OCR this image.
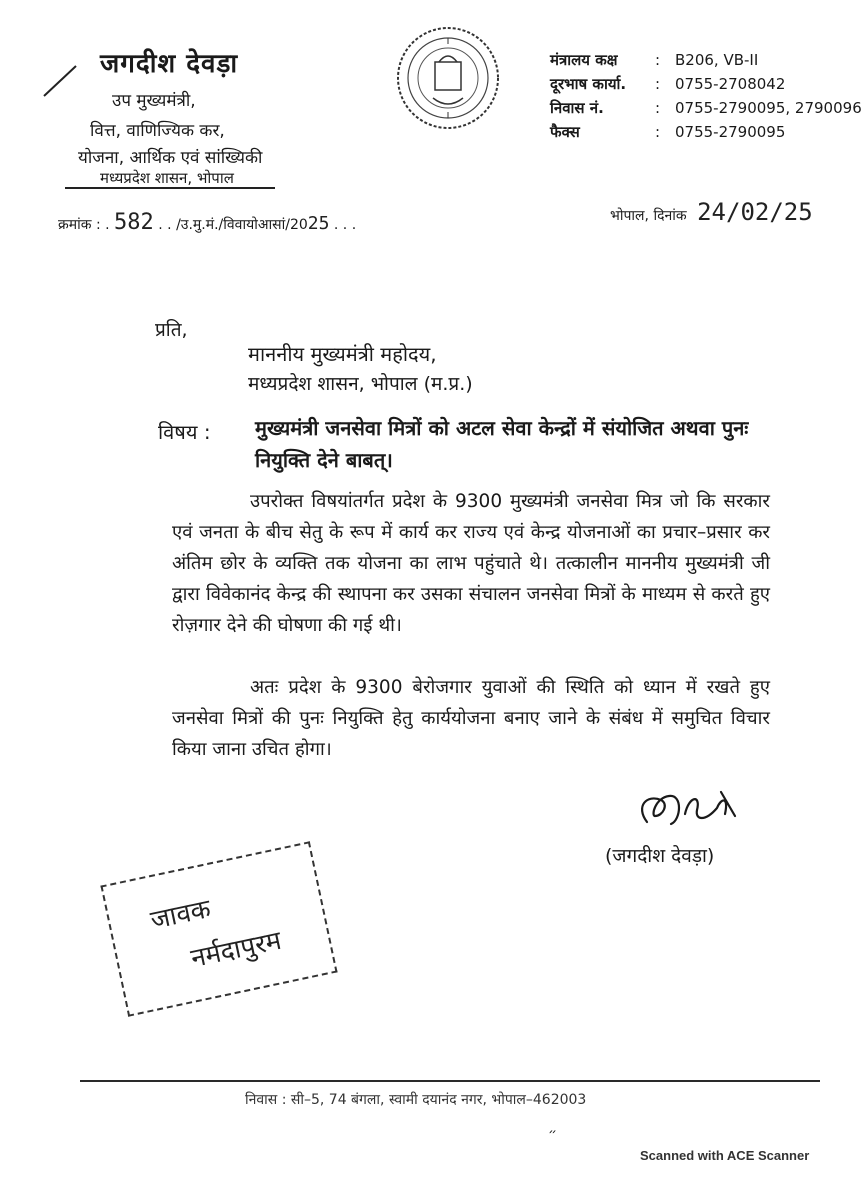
जगदीश देवड़ा
उप मुख्यमंत्री,
वित्त, वाणिज्यिक कर,
योजना, आर्थिक एवं सांख्यिकी
मध्यप्रदेश शासन, भोपाल
मंत्रालय कक्ष : B206, VB-II
दूरभाष कार्या. : 0755-2708042
निवास नं.	: 0755-2790095, 2790096
फैक्स	: 0755-2790095
क्रमांक : . 582 . . /उ.मु.मं./विवायोआसां/2025 . . .
भोपाल, दिनांक 24/02/25
प्रति,
माननीय मुख्यमंत्री महोदय,
मध्यप्रदेश शासन, भोपाल (म.प्र.)
विषय : मुख्यमंत्री जनसेवा मित्रों को अटल सेवा केन्द्रों में संयोजित अथवा पुनः नियुक्ति देने बाबत्।
उपरोक्त विषयांतर्गत प्रदेश के 9300 मुख्यमंत्री जनसेवा मित्र जो कि सरकार एवं जनता के बीच सेतु के रूप में कार्य कर राज्य एवं केन्द्र योजनाओं का प्रचार–प्रसार कर अंतिम छोर के व्यक्ति तक योजना का लाभ पहुंचाते थे। तत्कालीन माननीय मुख्यमंत्री जी द्वारा विवेकानंद केन्द्र की स्थापना कर उसका संचालन जनसेवा मित्रों के माध्यम से करते हुए रोज़गार देने की घोषणा की गई थी।
अतः प्रदेश के 9300 बेरोजगार युवाओं की स्थिति को ध्यान में रखते हुए जनसेवा मित्रों की पुनः नियुक्ति हेतु कार्ययोजना बनाए जाने के संबंध में समुचित विचार किया जाना उचित होगा।
(जगदीश देवड़ा)
जावक
नर्मदापुरम
निवास : सी–5, 74 बंगला, स्वामी दयानंद नगर, भोपाल–462003
״
Scanned with ACE Scanner
